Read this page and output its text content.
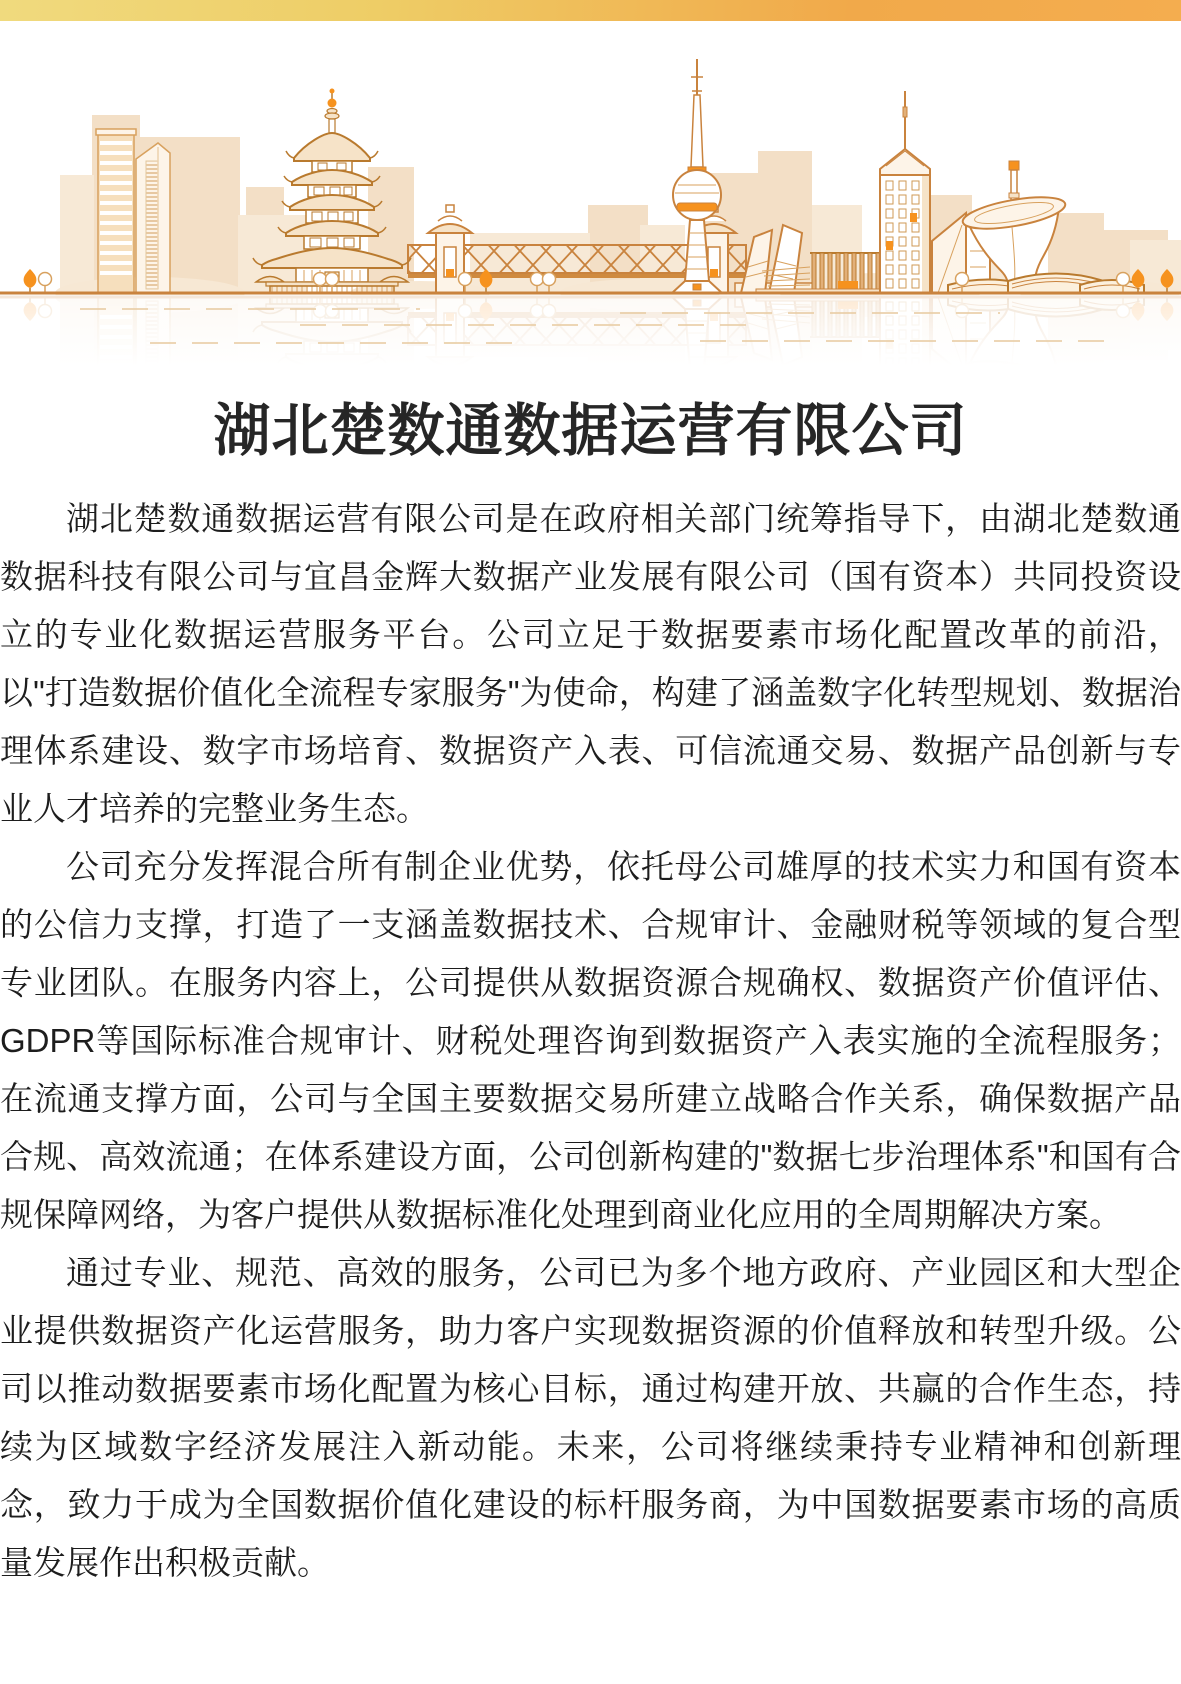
湖北楚数通数据运营有限公司

湖北楚数通数据运营有限公司是在政府相关部门统筹指导下，由湖北楚数通数据科技有限公司与宜昌金辉大数据产业发展有限公司（国有资本）共同投资设立的专业化数据运营服务平台。公司立足于数据要素市场化配置改革的前沿，以"打造数据价值化全流程专家服务"为使命，构建了涵盖数字化转型规划、数据治理体系建设、数字市场培育、数据资产入表、可信流通交易、数据产品创新与专业人才培养的完整业务生态。

公司充分发挥混合所有制企业优势，依托母公司雄厚的技术实力和国有资本的公信力支撑，打造了一支涵盖数据技术、合规审计、金融财税等领域的复合型专业团队。在服务内容上，公司提供从数据资源合规确权、数据资产价值评估、GDPR等国际标准合规审计、财税处理咨询到数据资产入表实施的全流程服务；在流通支撑方面，公司与全国主要数据交易所建立战略合作关系，确保数据产品合规、高效流通；在体系建设方面，公司创新构建的"数据七步治理体系"和国有合规保障网络，为客户提供从数据标准化处理到商业化应用的全周期解决方案。

通过专业、规范、高效的服务，公司已为多个地方政府、产业园区和大型企业提供数据资产化运营服务，助力客户实现数据资源的价值释放和转型升级。公司以推动数据要素市场化配置为核心目标，通过构建开放、共赢的合作生态，持续为区域数字经济发展注入新动能。未来，公司将继续秉持专业精神和创新理念，致力于成为全国数据价值化建设的标杆服务商，为中国数据要素市场的高质量发展作出积极贡献。
